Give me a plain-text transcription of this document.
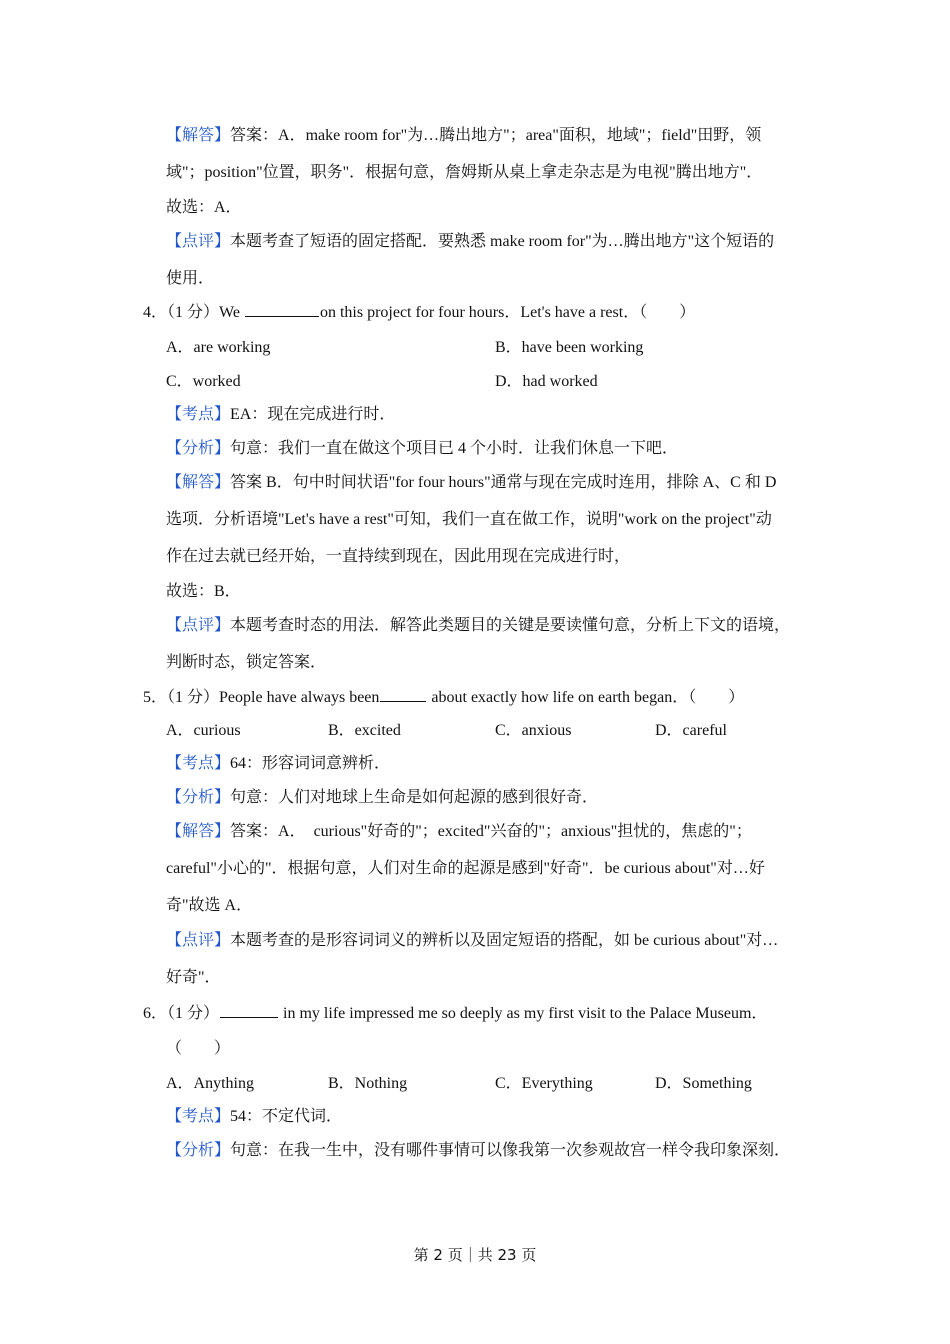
【解答】答案：A．make room for"为…腾出地方"；area"面积，地域"；field"田野，领
域"；position"位置，职务"．根据句意，詹姆斯从桌上拿走杂志是为电视"腾出地方"．
故选：A．
【点评】本题考查了短语的固定搭配．要熟悉 make room for"为…腾出地方"这个短语的
使用．
4．（1 分）We	on this project for four hours．Let's have a rest．（　　）
A．are working	B．have been working
C．worked	D．had worked
【考点】EA：现在完成进行时．
【分析】句意：我们一直在做这个项目已 4 个小时．让我们休息一下吧．
【解答】答案 B．句中时间状语"for four hours"通常与现在完成时连用，排除 A、C 和 D
选项．分析语境"Let's have a rest"可知，我们一直在做工作，说明"work on the project"动
作在过去就已经开始，一直持续到现在，因此用现在完成进行时，
故选：B．
【点评】本题考查时态的用法．解答此类题目的关键是要读懂句意，分析上下文的语境，
判断时态，锁定答案．
5．（1 分）People have always been	about exactly how life on earth began．（　　）
A．curious	B．excited	C．anxious	D．careful
【考点】64：形容词词意辨析．
【分析】句意：人们对地球上生命是如何起源的感到很好奇．
【解答】答案：A．　curious"好奇的"；excited"兴奋的"；anxious"担忧的，焦虑的"；
careful"小心的"．根据句意，人们对生命的起源是感到"好奇"．be curious about"对…好
奇"故选 A．
【点评】本题考查的是形容词词义的辨析以及固定短语的搭配，如 be curious about"对…
好奇"．
6．（1 分）	in my life impressed me so deeply as my first visit to the Palace Museum．
（　　）
A．Anything	B．Nothing	C．Everything	D．Something
【考点】54：不定代词．
【分析】句意：在我一生中，没有哪件事情可以像我第一次参观故宫一样令我印象深刻．
第 2 页｜共 23 页
